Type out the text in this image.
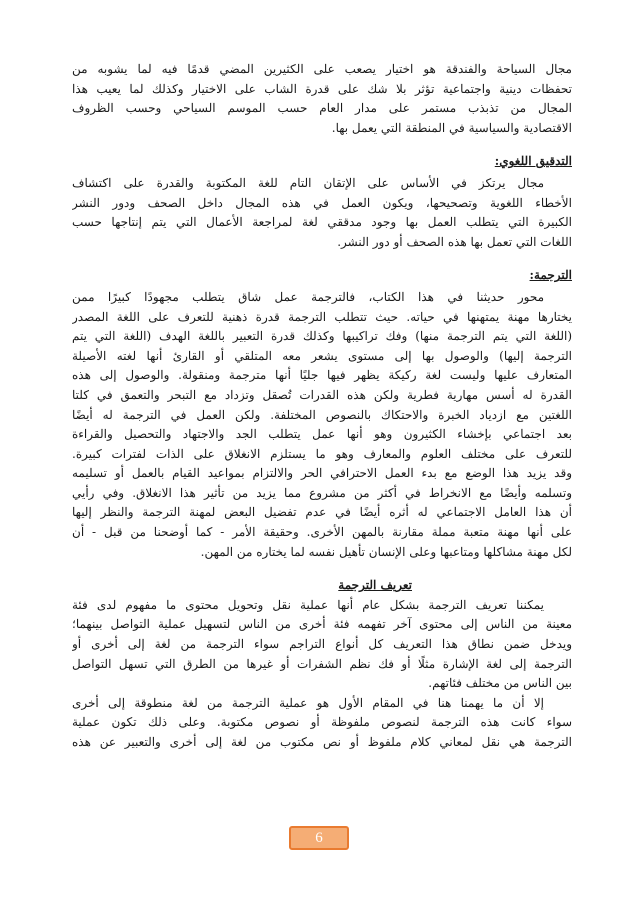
مجال السياحة والفندقة هو اختيار يصعب على الكثيرين المضي قدمًا فيه لما يشوبه من
تحفظات دينية واجتماعية تؤثر بلا شك على قدرة الشاب على الاختيار وكذلك لما يعيب هذا
المجال من تذبذب مستمر على مدار العام حسب الموسم السياحي وحسب الظروف
الاقتصادية والسياسية في المنطقة التي يعمل بها.
التدقيق اللغوي:
مجال يرتكز في الأساس على الإتقان التام للغة المكتوبة والقدرة على اكتشاف
الأخطاء اللغوية وتصحيحها، ويكون العمل في هذه المجال داخل الصحف ودور النشر
الكبيرة التي يتطلب العمل بها وجود مدققي لغة لمراجعة الأعمال التي يتم إنتاجها حسب
اللغات التي تعمل بها هذه الصحف أو دور النشر.
الترجمة:
محور حديثنا في هذا الكتاب، فالترجمة عمل شاق يتطلب مجهودًا كبيرًا ممن
يختارها مهنة يمتهنها في حياته. حيث تتطلب الترجمة قدرة ذهنية للتعرف على اللغة المصدر
(اللغة التي يتم الترجمة منها) وفك تراكيبها وكذلك قدرة التعبير باللغة الهدف (اللغة التي يتم
الترجمة إليها) والوصول بها إلى مستوى يشعر معه المتلقي أو القارئ أنها لغته الأصيلة
المتعارف عليها وليست لغة ركيكة يظهر فيها جليًا أنها مترجمة ومنقولة. والوصول إلى هذه
القدرة له أسس مهارية فطرية ولكن هذه القدرات تُصقل وتزداد مع التبحر والتعمق في كلتا
اللغتين مع ازدياد الخبرة والاحتكاك بالنصوص المختلفة. ولكن العمل في الترجمة له أيضًا
بعد اجتماعي بإخشاء الكثيرون وهو أنها عمل يتطلب الجد والاجتهاد والتحصيل والقراءة
للتعرف على مختلف العلوم والمعارف وهو ما يستلزم الانغلاق على الذات لفترات كبيرة.
وقد يزيد هذا الوضع مع بدء العمل الاحترافي الحر والالتزام بمواعيد القيام بالعمل أو تسليمه
وتسلمه وأيضًا مع الانخراط في أكثر من مشروع مما يزيد من تأثير هذا الانغلاق. وفي رأيي
أن هذا العامل الاجتماعي له أثره أيضًا في عدم تفضيل البعض لمهنة الترجمة والنظر إليها
على أنها مهنة متعبة مملة مقارنة بالمهن الأخرى. وحقيقة الأمر - كما أوضحنا من قبل - أن
لكل مهنة مشاكلها ومتاعبها وعلى الإنسان تأهيل نفسه لما يختاره من المهن.
تعريف الترجمة
يمكننا تعريف الترجمة بشكل عام أنها عملية نقل وتحويل محتوى ما مفهوم لدى فئة
معينة من الناس إلى محتوى آخر تفهمه فئة أخرى من الناس لتسهيل عملية التواصل بينهما؛
ويدخل ضمن نطاق هذا التعريف كل أنواع التراجم سواء الترجمة من لغة إلى أخرى أو
الترجمة إلى لغة الإشارة مثلًا أو فك نظم الشفرات أو غيرها من الطرق التي تسهل التواصل
بين الناس من مختلف فئاتهم.
إلا أن ما يهمنا هنا في المقام الأول هو عملية الترجمة من لغة منطوقة إلى أخرى
سواء كانت هذه الترجمة لنصوص ملفوظة أو نصوص مكتوبة. وعلى ذلك تكون عملية
الترجمة هي نقل لمعاني كلام ملفوظ أو نص مكتوب من لغة إلى أخرى والتعبير عن هذه
6
